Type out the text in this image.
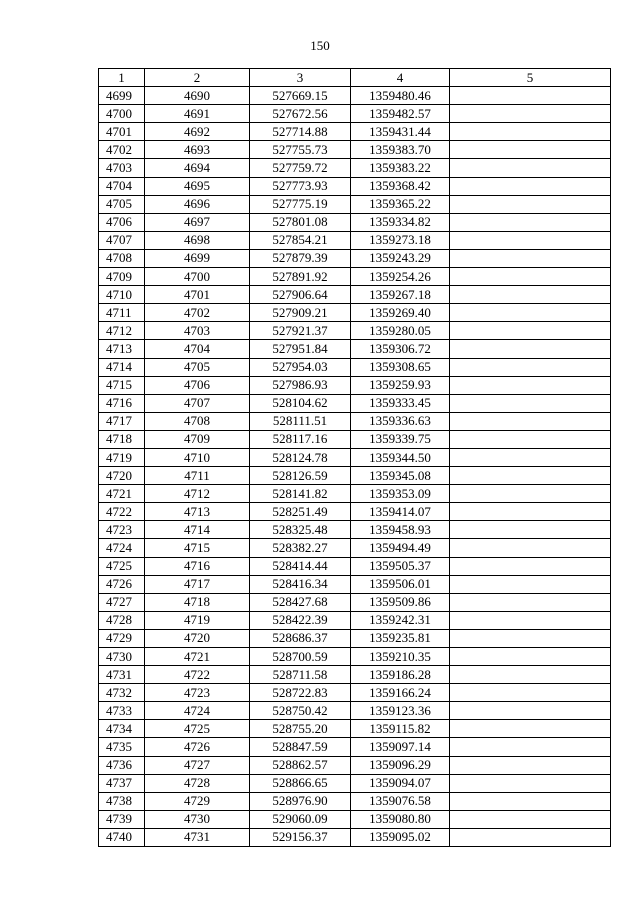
150
1	2	3	4	5
4699	4690	527669.15	1359480.46	
4700	4691	527672.56	1359482.57	
4701	4692	527714.88	1359431.44	
4702	4693	527755.73	1359383.70	
4703	4694	527759.72	1359383.22	
4704	4695	527773.93	1359368.42	
4705	4696	527775.19	1359365.22	
4706	4697	527801.08	1359334.82	
4707	4698	527854.21	1359273.18	
4708	4699	527879.39	1359243.29	
4709	4700	527891.92	1359254.26	
4710	4701	527906.64	1359267.18	
4711	4702	527909.21	1359269.40	
4712	4703	527921.37	1359280.05	
4713	4704	527951.84	1359306.72	
4714	4705	527954.03	1359308.65	
4715	4706	527986.93	1359259.93	
4716	4707	528104.62	1359333.45	
4717	4708	528111.51	1359336.63	
4718	4709	528117.16	1359339.75	
4719	4710	528124.78	1359344.50	
4720	4711	528126.59	1359345.08	
4721	4712	528141.82	1359353.09	
4722	4713	528251.49	1359414.07	
4723	4714	528325.48	1359458.93	
4724	4715	528382.27	1359494.49	
4725	4716	528414.44	1359505.37	
4726	4717	528416.34	1359506.01	
4727	4718	528427.68	1359509.86	
4728	4719	528422.39	1359242.31	
4729	4720	528686.37	1359235.81	
4730	4721	528700.59	1359210.35	
4731	4722	528711.58	1359186.28	
4732	4723	528722.83	1359166.24	
4733	4724	528750.42	1359123.36	
4734	4725	528755.20	1359115.82	
4735	4726	528847.59	1359097.14	
4736	4727	528862.57	1359096.29	
4737	4728	528866.65	1359094.07	
4738	4729	528976.90	1359076.58	
4739	4730	529060.09	1359080.80	
4740	4731	529156.37	1359095.02	
